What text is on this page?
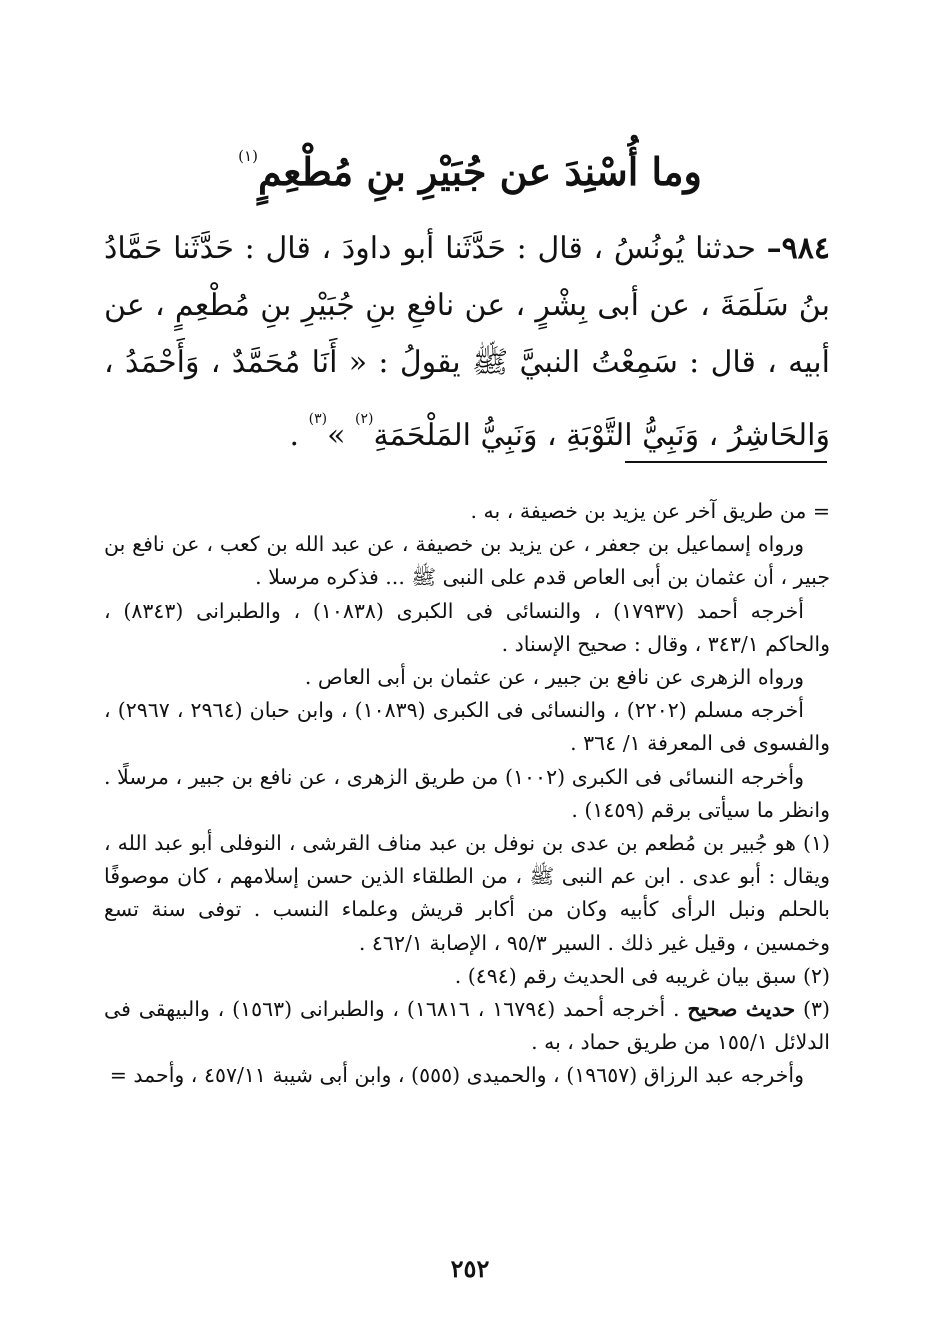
وما أُسْنِدَ عن جُبَيْرِ بنِ مُطْعِمٍ$^{(١)}$
٩٨٤– حدثنا يُونُسُ ، قال : حَدَّثَنا أبو داودَ ، قال : حَدَّثَنا حَمَّادُ بنُ سَلَمَةَ ، عن أبى بِشْرٍ ، عن نافعِ بنِ جُبَيْرِ بنِ مُطْعِمٍ ، عن أبيه ، قال : سَمِعْتُ النبيَّ ﷺ يقولُ : « أَنَا مُحَمَّدٌ ، وَأَحْمَدُ ، وَالحَاشِرُ ، وَنَبِيُّ التَّوْبَةِ ، وَنَبِيُّ المَلْحَمَةِ$^{(٢)}$ »$^{(٣)}$ .

= من طريق آخر عن يزيد بن خصيفة ، به .

ورواه إسماعيل بن جعفر ، عن يزيد بن خصيفة ، عن عبد الله بن كعب ، عن نافع بن جبير ، أن عثمان بن أبى العاص قدم على النبى ﷺ ... فذكره مرسلا .

أخرجه أحمد (١٧٩٣٧) ، والنسائى فى الكبرى (١٠٨٣٨) ، والطبرانى (٨٣٤٣) ، والحاكم ٣٤٣/١ ، وقال : صحيح الإسناد .

ورواه الزهرى عن نافع بن جبير ، عن عثمان بن أبى العاص .

أخرجه مسلم (٢٢٠٢) ، والنسائى فى الكبرى (١٠٨٣٩) ، وابن حبان (٢٩٦٤ ، ٢٩٦٧) ، والفسوى فى المعرفة ١/ ٣٦٤ .

وأخرجه النسائى فى الكبرى (١٠٠٢) من طريق الزهرى ، عن نافع بن جبير ، مرسلًا . وانظر ما سيأتى برقم (١٤٥٩) .

(١) هو جُبير بن مُطعم بن عدى بن نوفل بن عبد مناف القرشى ، النوفلى أبو عبد الله ، ويقال : أبو عدى . ابن عم النبى ﷺ ، من الطلقاء الذين حسن إسلامهم ، كان موصوفًا بالحلم ونبل الرأى كأبيه وكان من أكابر قريش وعلماء النسب . توفى سنة تسع وخمسين ، وقيل غير ذلك . السير ٩٥/٣ ، الإصابة ٤٦٢/١ .

(٢) سبق بيان غريبه فى الحديث رقم (٤٩٤) .

(٣) حديث صحيح . أخرجه أحمد (١٦٧٩٤ ، ١٦٨١٦) ، والطبرانى (١٥٦٣) ، والبيهقى فى الدلائل ١٥٥/١ من طريق حماد ، به .

وأخرجه عبد الرزاق (١٩٦٥٧) ، والحميدى (٥٥٥) ، وابن أبى شيبة ٤٥٧/١١ ، وأحمد =

٢٥٢
